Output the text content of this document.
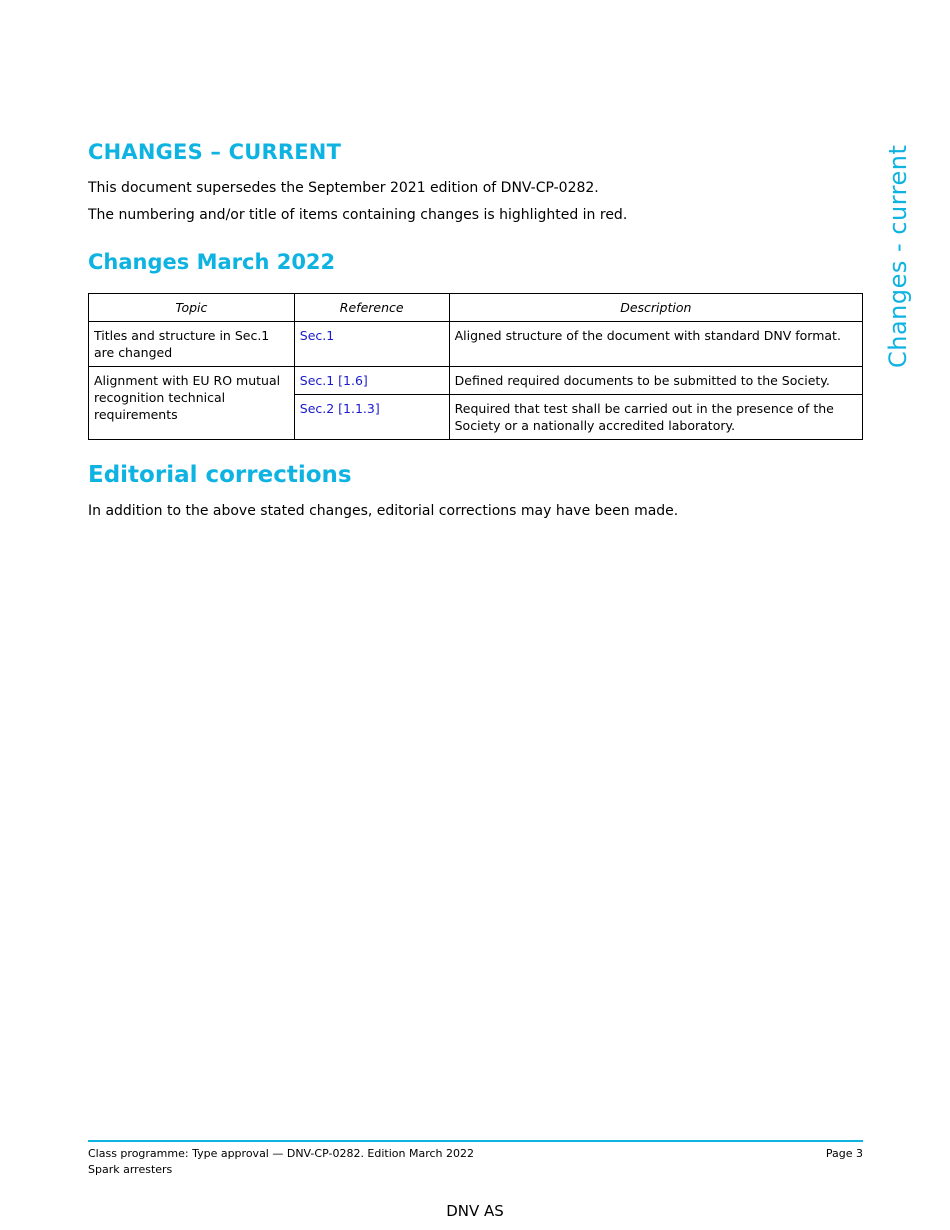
CHANGES – CURRENT

This document supersedes the September 2021 edition of DNV-CP-0282.

The numbering and/or title of items containing changes is highlighted in red.

Changes March 2022	Changes - current
Topic	Reference	Description
Titles and structure in Sec.1 are changed	Sec.1	Aligned structure of the document with standard DNV format.
Alignment with EU RO mutual recognition technical requirements	Sec.1 [1.6]	Defined required documents to be submitted to the Society.
	Sec.2 [1.1.3]	Required that test shall be carried out in the presence of the Society or a nationally accredited laboratory.
Editorial corrections

In addition to the above stated changes, editorial corrections may have been made.

Class programme: Type approval — DNV-CP-0282. Edition March 2022
Spark arresters
Page 3
DNV AS
